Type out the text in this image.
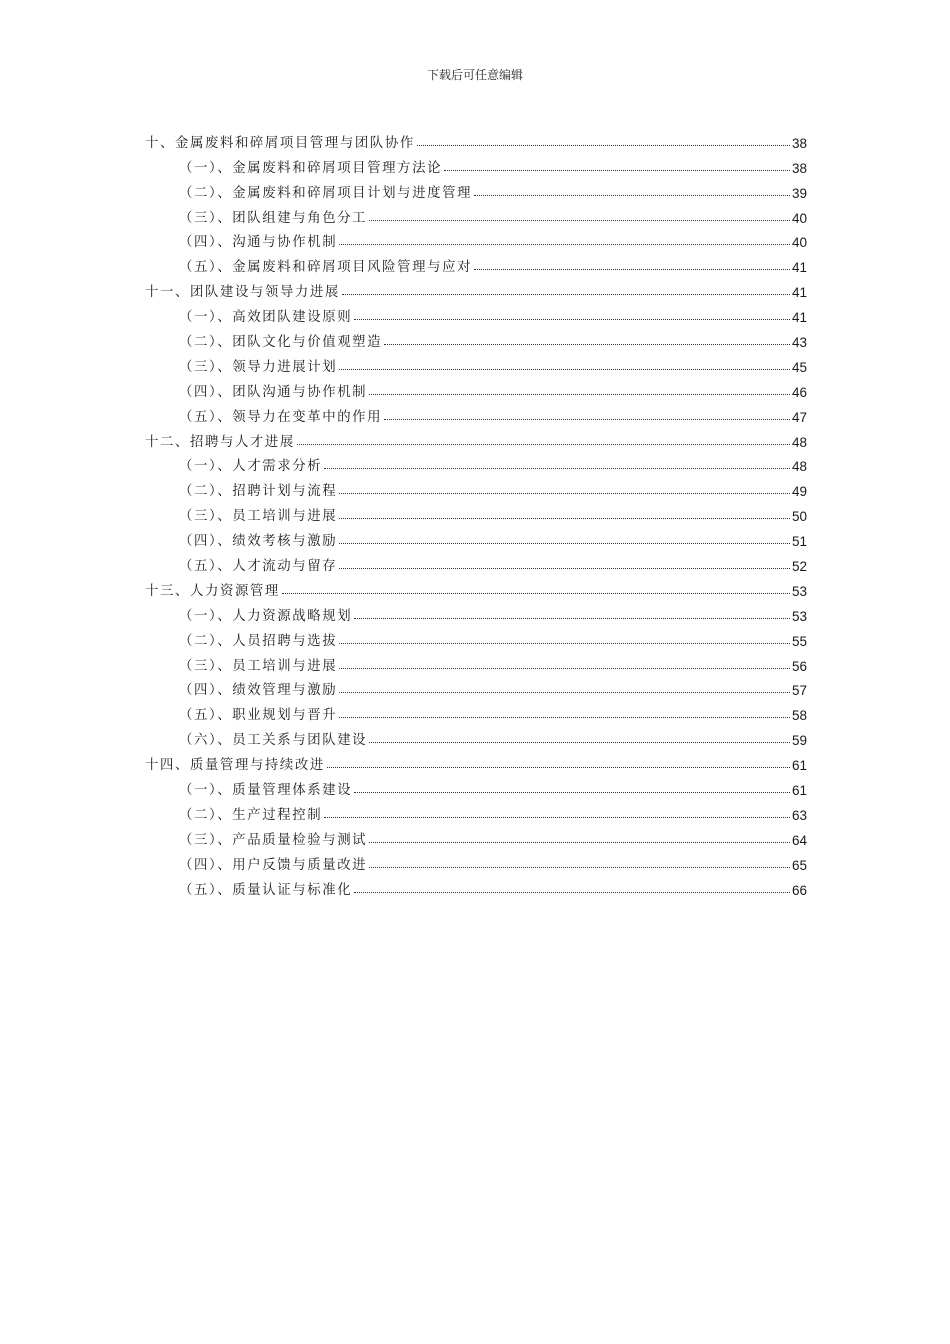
下载后可任意编辑
十、金属废料和碎屑项目管理与团队协作	38
（一）、金属废料和碎屑项目管理方法论	38
（二）、金属废料和碎屑项目计划与进度管理	39
（三）、团队组建与角色分工	40
（四）、沟通与协作机制	40
（五）、金属废料和碎屑项目风险管理与应对	41
十一、团队建设与领导力进展	41
（一）、高效团队建设原则	41
（二）、团队文化与价值观塑造	43
（三）、领导力进展计划	45
（四）、团队沟通与协作机制	46
（五）、领导力在变革中的作用	47
十二、招聘与人才进展	48
（一）、人才需求分析	48
（二）、招聘计划与流程	49
（三）、员工培训与进展	50
（四）、绩效考核与激励	51
（五）、人才流动与留存	52
十三、人力资源管理	53
（一）、人力资源战略规划	53
（二）、人员招聘与选拔	55
（三）、员工培训与进展	56
（四）、绩效管理与激励	57
（五）、职业规划与晋升	58
（六）、员工关系与团队建设	59
十四、质量管理与持续改进	61
（一）、质量管理体系建设	61
（二）、生产过程控制	63
（三）、产品质量检验与测试	64
（四）、用户反馈与质量改进	65
（五）、质量认证与标准化	66
